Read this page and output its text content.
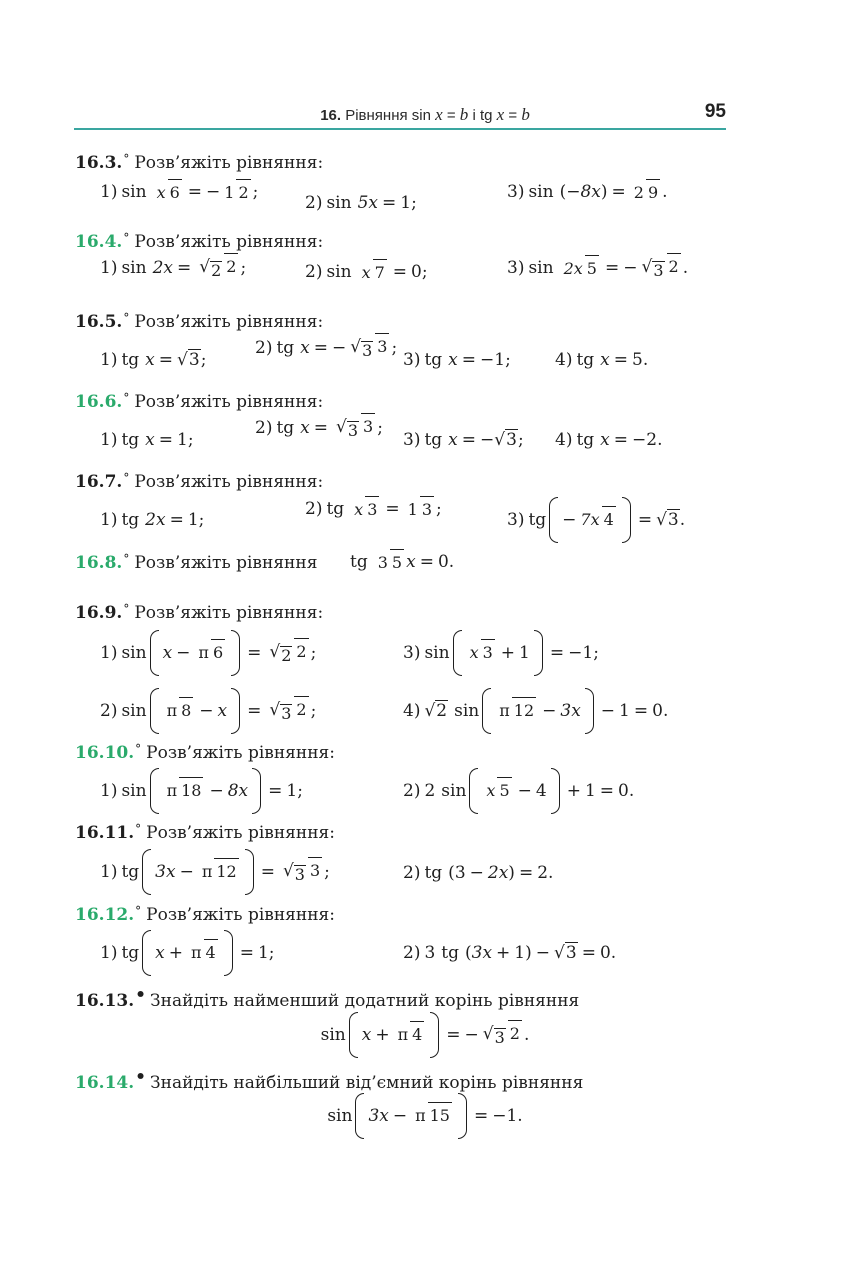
16. Рівняння sin x = b і tg x = b	95
16.3.° Розв’яжіть рівняння:
1) sin x 6 = − 1 2 ;
2) sin 5x = 1 ;
3) sin ( − 8x ) = 2 9 .
16.4.° Розв’яжіть рівняння:
1) sin 2x = √ 2 2 ;	2) sin x 7 = 0 ;	3) sin 2x 5 = − √ 3 2 .
16.5.° Розв’яжіть рівняння:
1) tg x = √3 ;
2) tg x = − √ 3 3 ;
3) tg x = −1 ;	4) tg x = 5 .
16.6.° Розв’яжіть рівняння:
1) tg x = 1 ;
2) tg x = √ 3 3 ;
3) tg x = − √3 ; 4) tg x = −2 .
16.7.° Розв’яжіть рівняння:
1) tg 2x = 1 ;
2) tg x 3 = 1 3 ;
3) tg − 7x 4 = √3 .
16.8.° Розв’яжіть рівняння tg 3 5 x = 0 .
16.9.° Розв’яжіть рівняння:
1) sin x − π 6 = √ 2 2 ;	3) sin x 3 + 1 = −1 ;
2) sin π 8 − x = √ 3 2 ;	4) √2 sin π 12 − 3x − 1 = 0 .
16.10.° Розв’яжіть рівняння:
1) sin π 18 − 8x = 1 ;	2) 2 sin x 5 − 4 + 1 = 0 .
16.11.° Розв’яжіть рівняння:
1) tg 3x − π 12 = √ 3 3 ;	2) tg ( 3 − 2x ) = 2 .
16.12.° Розв’яжіть рівняння:
1) tg x + π 4 = 1 ;	2) 3 tg ( 3x + 1 ) − √3 = 0 .
16.13.• Знайдіть найменший додатний корінь рівняння
sin x + π 4 = − √ 3 2 .
16.14.• Знайдіть найбільший від’ємний корінь рівняння
sin 3x − π 15 = −1 .
